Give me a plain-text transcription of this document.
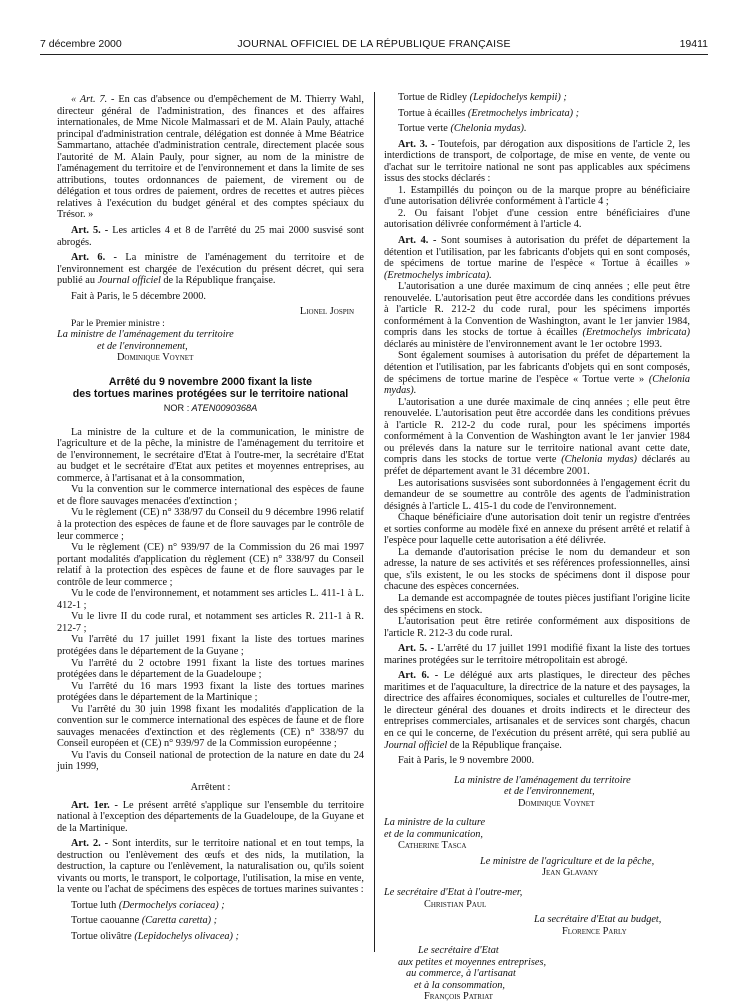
7 décembre 2000	JOURNAL OFFICIEL DE LA RÉPUBLIQUE FRANÇAISE	19411

« Art. 7. - En cas d'absence ou d'empêchement de M. Thierry Wahl, directeur général de l'administration, des finances et des affaires internationales, de Mme Nicole Malmassari et de M. Alain Pauly, attaché principal d'administration centrale, délégation est donnée à Mme Béatrice Sammartano, attachée d'administration centrale, directement placée sous l'autorité de M. Alain Pauly, pour signer, au nom de la ministre de l'aménagement du territoire et de l'environnement et dans la limite de ses attributions, toutes ordonnances de paiement, de virement ou de délégation et tous ordres de paiement, ordres de recettes et autres pièces relatives à l'exécution du budget général et des comptes spéciaux du Trésor. »

Art. 5. - Les articles 4 et 8 de l'arrêté du 25 mai 2000 susvisé sont abrogés.

Art. 6. - La ministre de l'aménagement du territoire et de l'environnement est chargée de l'exécution du présent décret, qui sera publié au Journal officiel de la République française.

Fait à Paris, le 5 décembre 2000.

Lionel Jospin

Par le Premier ministre :

La ministre de l'aménagement du territoire

et de l'environnement,

Dominique Voynet

Arrêté du 9 novembre 2000 fixant la liste

des tortues marines protégées sur le territoire national

NOR : ATEN0090368A

La ministre de la culture et de la communication, le ministre de l'agriculture et de la pêche, la ministre de l'aménagement du territoire et de l'environnement, le secrétaire d'Etat à l'outre-mer, la secrétaire d'Etat au budget et le secrétaire d'Etat aux petites et moyennes entreprises, au commerce, à l'artisanat et à la consommation,

Vu la convention sur le commerce international des espèces de faune et de flore sauvages menacées d'extinction ;

Vu le règlement (CE) n° 338/97 du Conseil du 9 décembre 1996 relatif à la protection des espèces de faune et de flore sauvages par le contrôle de leur commerce ;

Vu le règlement (CE) n° 939/97 de la Commission du 26 mai 1997 portant modalités d'application du règlement (CE) n° 338/97 du Conseil relatif à la protection des espèces de faune et de flore sauvages par le contrôle de leur commerce ;

Vu le code de l'environnement, et notamment ses articles L. 411-1 à L. 412-1 ;

Vu le livre II du code rural, et notamment ses articles R. 211-1 à R. 212-7 ;

Vu l'arrêté du 17 juillet 1991 fixant la liste des tortues marines protégées dans le département de la Guyane ;

Vu l'arrêté du 2 octobre 1991 fixant la liste des tortues marines protégées dans le département de la Guadeloupe ;

Vu l'arrêté du 16 mars 1993 fixant la liste des tortues marines protégées dans le département de la Martinique ;

Vu l'arrêté du 30 juin 1998 fixant les modalités d'application de la convention sur le commerce international des espèces de faune et de flore sauvages menacées d'extinction et des règlements (CE) n° 338/97 du Conseil européen et (CE) n° 939/97 de la Commission européenne ;

Vu l'avis du Conseil national de protection de la nature en date du 24 juin 1999,

Arrêtent :

Art. 1er. - Le présent arrêté s'applique sur l'ensemble du territoire national à l'exception des départements de la Guadeloupe, de la Guyane et de la Martinique.

Art. 2. - Sont interdits, sur le territoire national et en tout temps, la destruction ou l'enlèvement des œufs et des nids, la mutilation, la destruction, la capture ou l'enlèvement, la naturalisation ou, qu'ils soient vivants ou morts, le transport, le colportage, l'utilisation, la mise en vente, la vente ou l'achat de spécimens des espèces de tortues marines suivantes :

Tortue luth (Dermochelys coriacea) ;

Tortue caouanne (Caretta caretta) ;

Tortue olivâtre (Lepidochelys olivacea) ;

Tortue de Ridley (Lepidochelys kempii) ;

Tortue à écailles (Eretmochelys imbricata) ;

Tortue verte (Chelonia mydas).

Art. 3. - Toutefois, par dérogation aux dispositions de l'article 2, les interdictions de transport, de colportage, de mise en vente, de vente ou d'achat sur le territoire national ne sont pas applicables aux spécimens issus des stocks déclarés :

1. Estampillés du poinçon ou de la marque propre au bénéficiaire d'une autorisation délivrée conformément à l'article 4 ;

2. Ou faisant l'objet d'une cession entre bénéficiaires d'une autorisation délivrée conformément à l'article 4.

Art. 4. - Sont soumises à autorisation du préfet de département la détention et l'utilisation, par les fabricants d'objets qui en sont composés, de spécimens de tortue marine de l'espèce « Tortue à écailles » (Eretmochelys imbricata).

L'autorisation a une durée maximum de cinq années ; elle peut être renouvelée. L'autorisation peut être accordée dans les conditions prévues à l'article R. 212-2 du code rural, pour les spécimens importés conformément à la Convention de Washington, avant le 1er janvier 1984, compris dans les stocks de tortue à écailles (Eretmochelys imbricata) déclarés au ministère de l'environnement avant le 1er octobre 1993.

Sont également soumises à autorisation du préfet de département la détention et l'utilisation, par les fabricants d'objets qui en sont composés, de spécimens de tortue marine de l'espèce « Tortue verte » (Chelonia mydas).

L'autorisation a une durée maximale de cinq années ; elle peut être renouvelée. L'autorisation peut être accordée dans les conditions prévues à l'article R. 212-2 du code rural, pour les spécimens importés conformément à la Convention de Washington avant le 1er janvier 1984 ou prélevés dans la nature sur le territoire national avant cette date, compris dans les stocks de tortue verte (Chelonia mydas) déclarés au préfet de département avant le 31 décembre 2001.

Les autorisations susvisées sont subordonnées à l'engagement écrit du demandeur de se soumettre au contrôle des agents de l'administration désignés à l'article L. 415-1 du code de l'environnement.

Chaque bénéficiaire d'une autorisation doit tenir un registre d'entrées et sorties conforme au modèle fixé en annexe du présent arrêté et relatif à l'espèce pour laquelle cette autorisation a été délivrée.

La demande d'autorisation précise le nom du demandeur et son adresse, la nature de ses activités et ses références professionnelles, ainsi que, s'ils existent, le ou les stocks de spécimens dont il dispose pour chacune des espèces concernées.

La demande est accompagnée de toutes pièces justifiant l'origine licite des spécimens en stock.

L'autorisation peut être retirée conformément aux dispositions de l'article R. 212-3 du code rural.

Art. 5. - L'arrêté du 17 juillet 1991 modifié fixant la liste des tortues marines protégées sur le territoire métropolitain est abrogé.

Art. 6. - Le délégué aux arts plastiques, le directeur des pêches maritimes et de l'aquaculture, la directrice de la nature et des paysages, la directrice des affaires économiques, sociales et culturelles de l'outre-mer, le directeur général des douanes et droits indirects et le directeur des entreprises commerciales, artisanales et de services sont chargés, chacun en ce qui le concerne, de l'exécution du présent arrêté, qui sera publié au Journal officiel de la République française.

Fait à Paris, le 9 novembre 2000.

La ministre de l'aménagement du territoire

et de l'environnement,

Dominique Voynet

La ministre de la culture

et de la communication,

Catherine Tasca

Le ministre de l'agriculture et de la pêche,

Jean Glavany

Le secrétaire d'Etat à l'outre-mer,

Christian Paul

La secrétaire d'Etat au budget,

Florence Parly

Le secrétaire d'Etat

aux petites et moyennes entreprises,

au commerce, à l'artisanat

et à la consommation,

François Patriat
